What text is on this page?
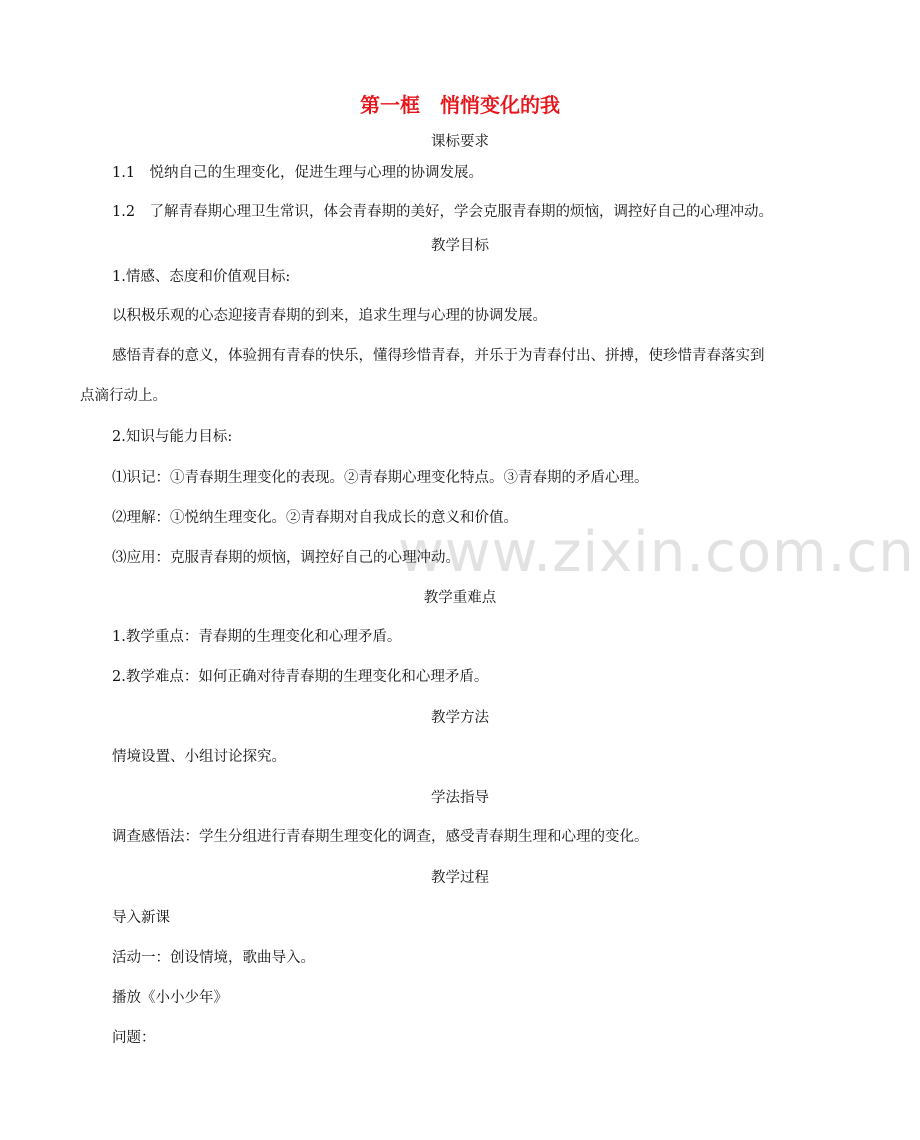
www.zixin.com.cn
第一框　悄悄变化的我
课标要求
1.1　悦纳自己的生理变化，促进生理与心理的协调发展。
1.2　了解青春期心理卫生常识，体会青春期的美好，学会克服青春期的烦恼，调控好自己的心理冲动。
教学目标
1.情感、态度和价值观目标:
以积极乐观的心态迎接青春期的到来，追求生理与心理的协调发展。
感悟青春的意义，体验拥有青春的快乐，懂得珍惜青春，并乐于为青春付出、拼搏，使珍惜青春落实到
点滴行动上。
2.知识与能力目标:
⑴识记：①青春期生理变化的表现。②青春期心理变化特点。③青春期的矛盾心理。
⑵理解：①悦纳生理变化。②青春期对自我成长的意义和价值。
⑶应用：克服青春期的烦恼，调控好自己的心理冲动。
教学重难点
1.教学重点：青春期的生理变化和心理矛盾。
2.教学难点：如何正确对待青春期的生理变化和心理矛盾。
教学方法
情境设置、小组讨论探究。
学法指导
调查感悟法：学生分组进行青春期生理变化的调查，感受青春期生理和心理的变化。
教学过程
导入新课
活动一：创设情境，歌曲导入。
播放《小小少年》
问题：
